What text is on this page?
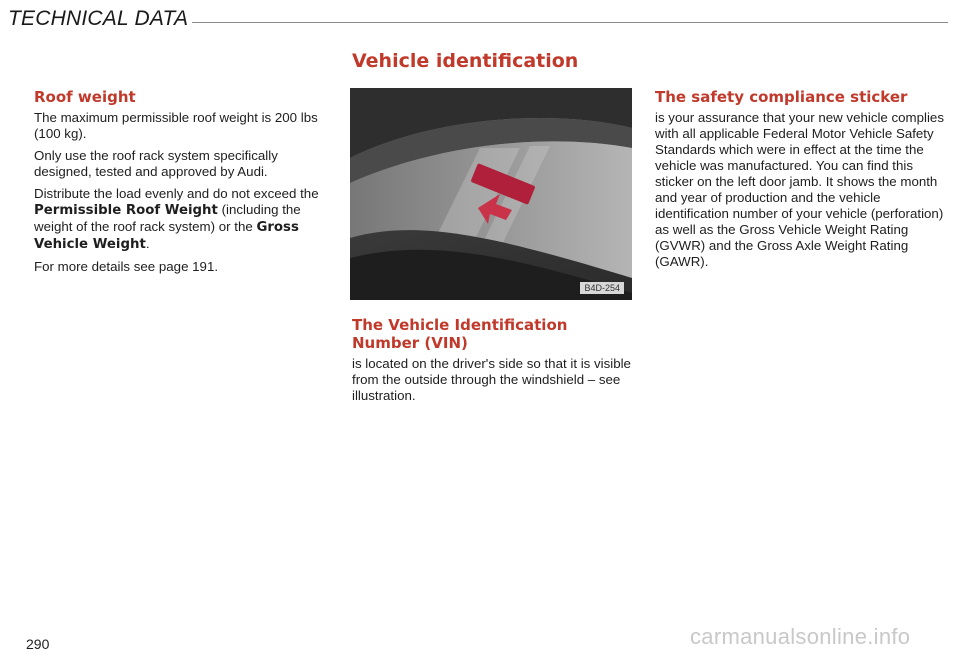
TECHNICAL DATA
Vehicle identification
Roof weight

The maximum permissible roof weight is 200 lbs (100 kg).

Only use the roof rack system specifically designed, tested and approved by Audi.

Distribute the load evenly and do not exceed the Permissible Roof Weight (including the weight of the roof rack system) or the Gross Vehicle Weight.

For more details see page 191.

B4D-254
The Vehicle Identification Number (VIN)

is located on the driver's side so that it is visible from the outside through the windshield – see illustration.

The safety compliance sticker

is your assurance that your new vehicle complies with all applicable Federal Motor Vehicle Safety Standards which were in effect at the time the vehicle was manufactured. You can find this sticker on the left door jamb. It shows the month and year of production and the vehicle identification number of your vehicle (perforation) as well as the Gross Vehicle Weight Rating (GVWR) and the Gross Axle Weight Rating (GAWR).

290	carmanualsonline.info
